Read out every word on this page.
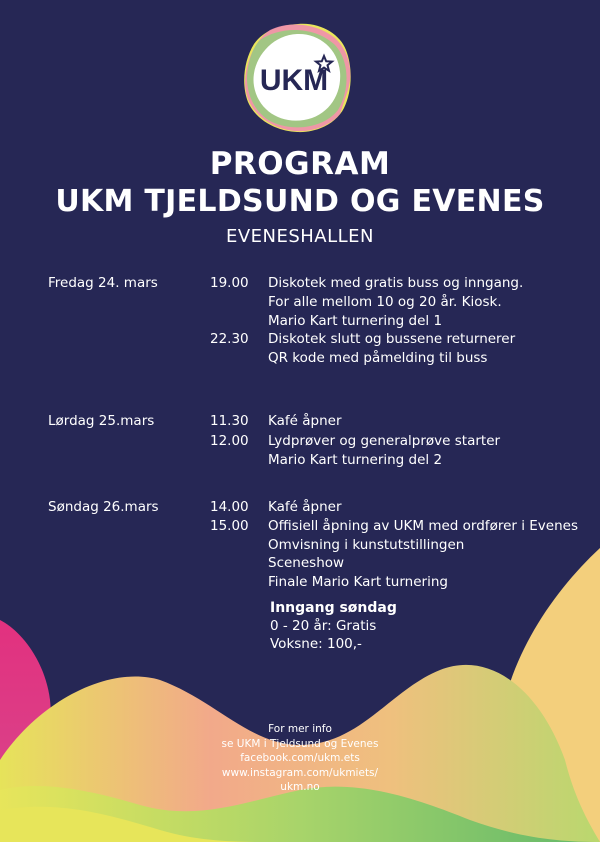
UKM
PROGRAM
UKM TJELDSUND OG EVENES
EVENESHALLEN
Fredag 24. mars	19.00 Diskotek med gratis buss og inngang.
For alle mellom 10 og 20 år. Kiosk.
Mario Kart turnering del 1
22.30 Diskotek slutt og bussene returnerer
QR kode med påmelding til buss
Lørdag 25.mars	11.30 Kafé åpner
12.00 Lydprøver og generalprøve starter
Mario Kart turnering del 2
Søndag 26.mars	14.00 Kafé åpner
15.00 Offisiell åpning av UKM med ordfører i Evenes
Omvisning i kunstutstillingen
Sceneshow
Finale Mario Kart turnering
Inngang søndag
0 - 20 år: Gratis
Voksne: 100,-
For mer info
se UKM i Tjeldsund og Evenes
facebook.com/ukm.ets
www.instagram.com/ukmiets/
ukm.no
